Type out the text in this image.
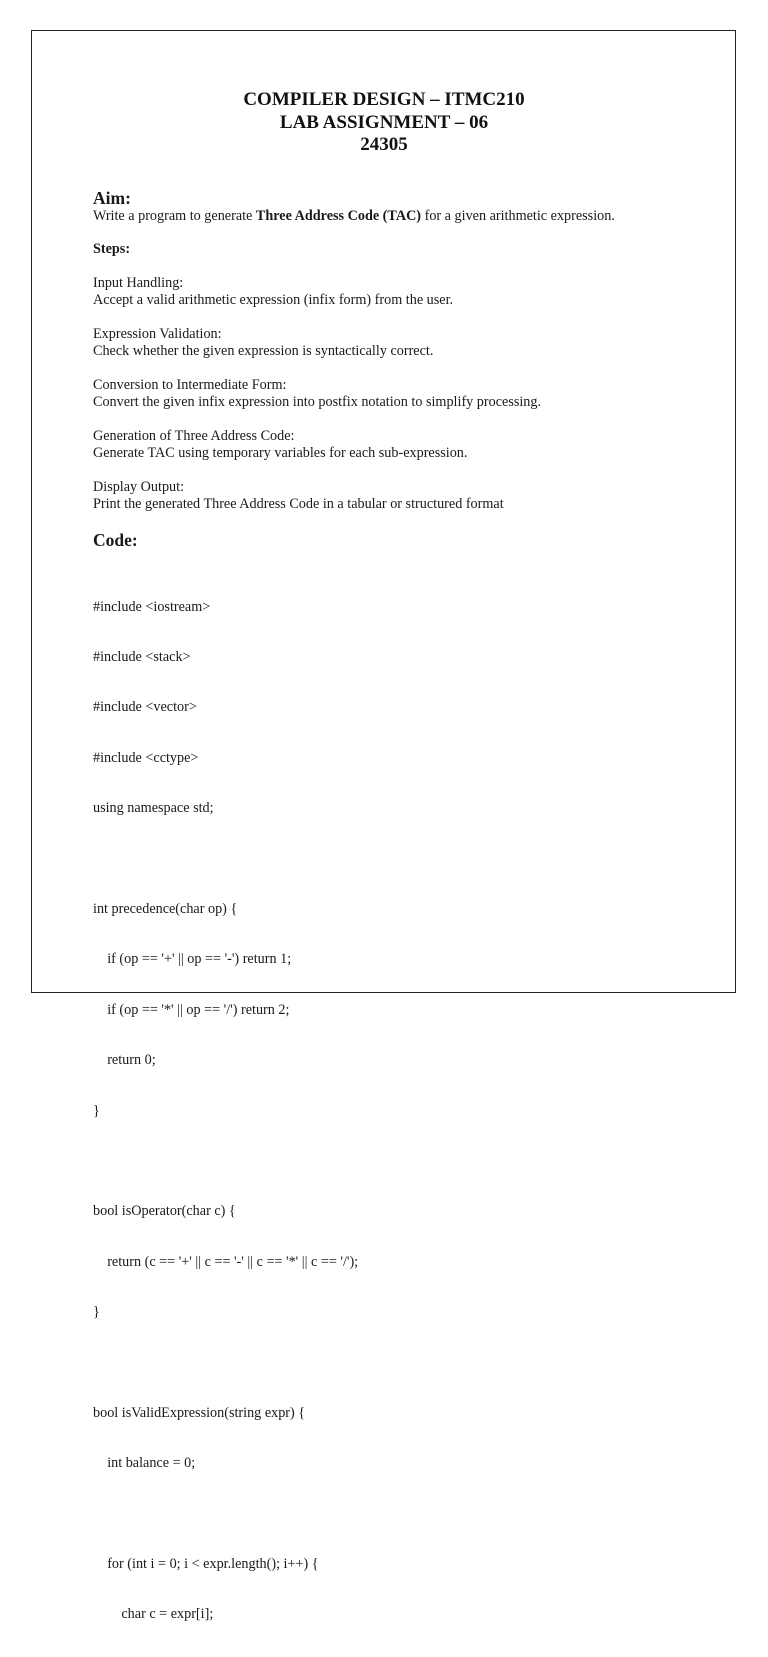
COMPILER DESIGN – ITMC210
LAB ASSIGNMENT – 06
24305
Aim:

Write a program to generate Three Address Code (TAC) for a given arithmetic expression.

Steps:
Input Handling:
Accept a valid arithmetic expression (infix form) from the user.
Expression Validation:
Check whether the given expression is syntactically correct.
Conversion to Intermediate Form:
Convert the given infix expression into postfix notation to simplify processing.
Generation of Three Address Code:
Generate TAC using temporary variables for each sub-expression.
Display Output:
Print the generated Three Address Code in a tabular or structured format
Code:

#include <iostream>

#include <stack>

#include <vector>

#include <cctype>

using namespace std;

int precedence(char op) {

if (op == '+' || op == '-') return 1;

if (op == '*' || op == '/') return 2;

return 0;

}

bool isOperator(char c) {

return (c == '+' || c == '-' || c == '*' || c == '/');

}

bool isValidExpression(string expr) {

int balance = 0;

for (int i = 0; i < expr.length(); i++) {

char c = expr[i];
